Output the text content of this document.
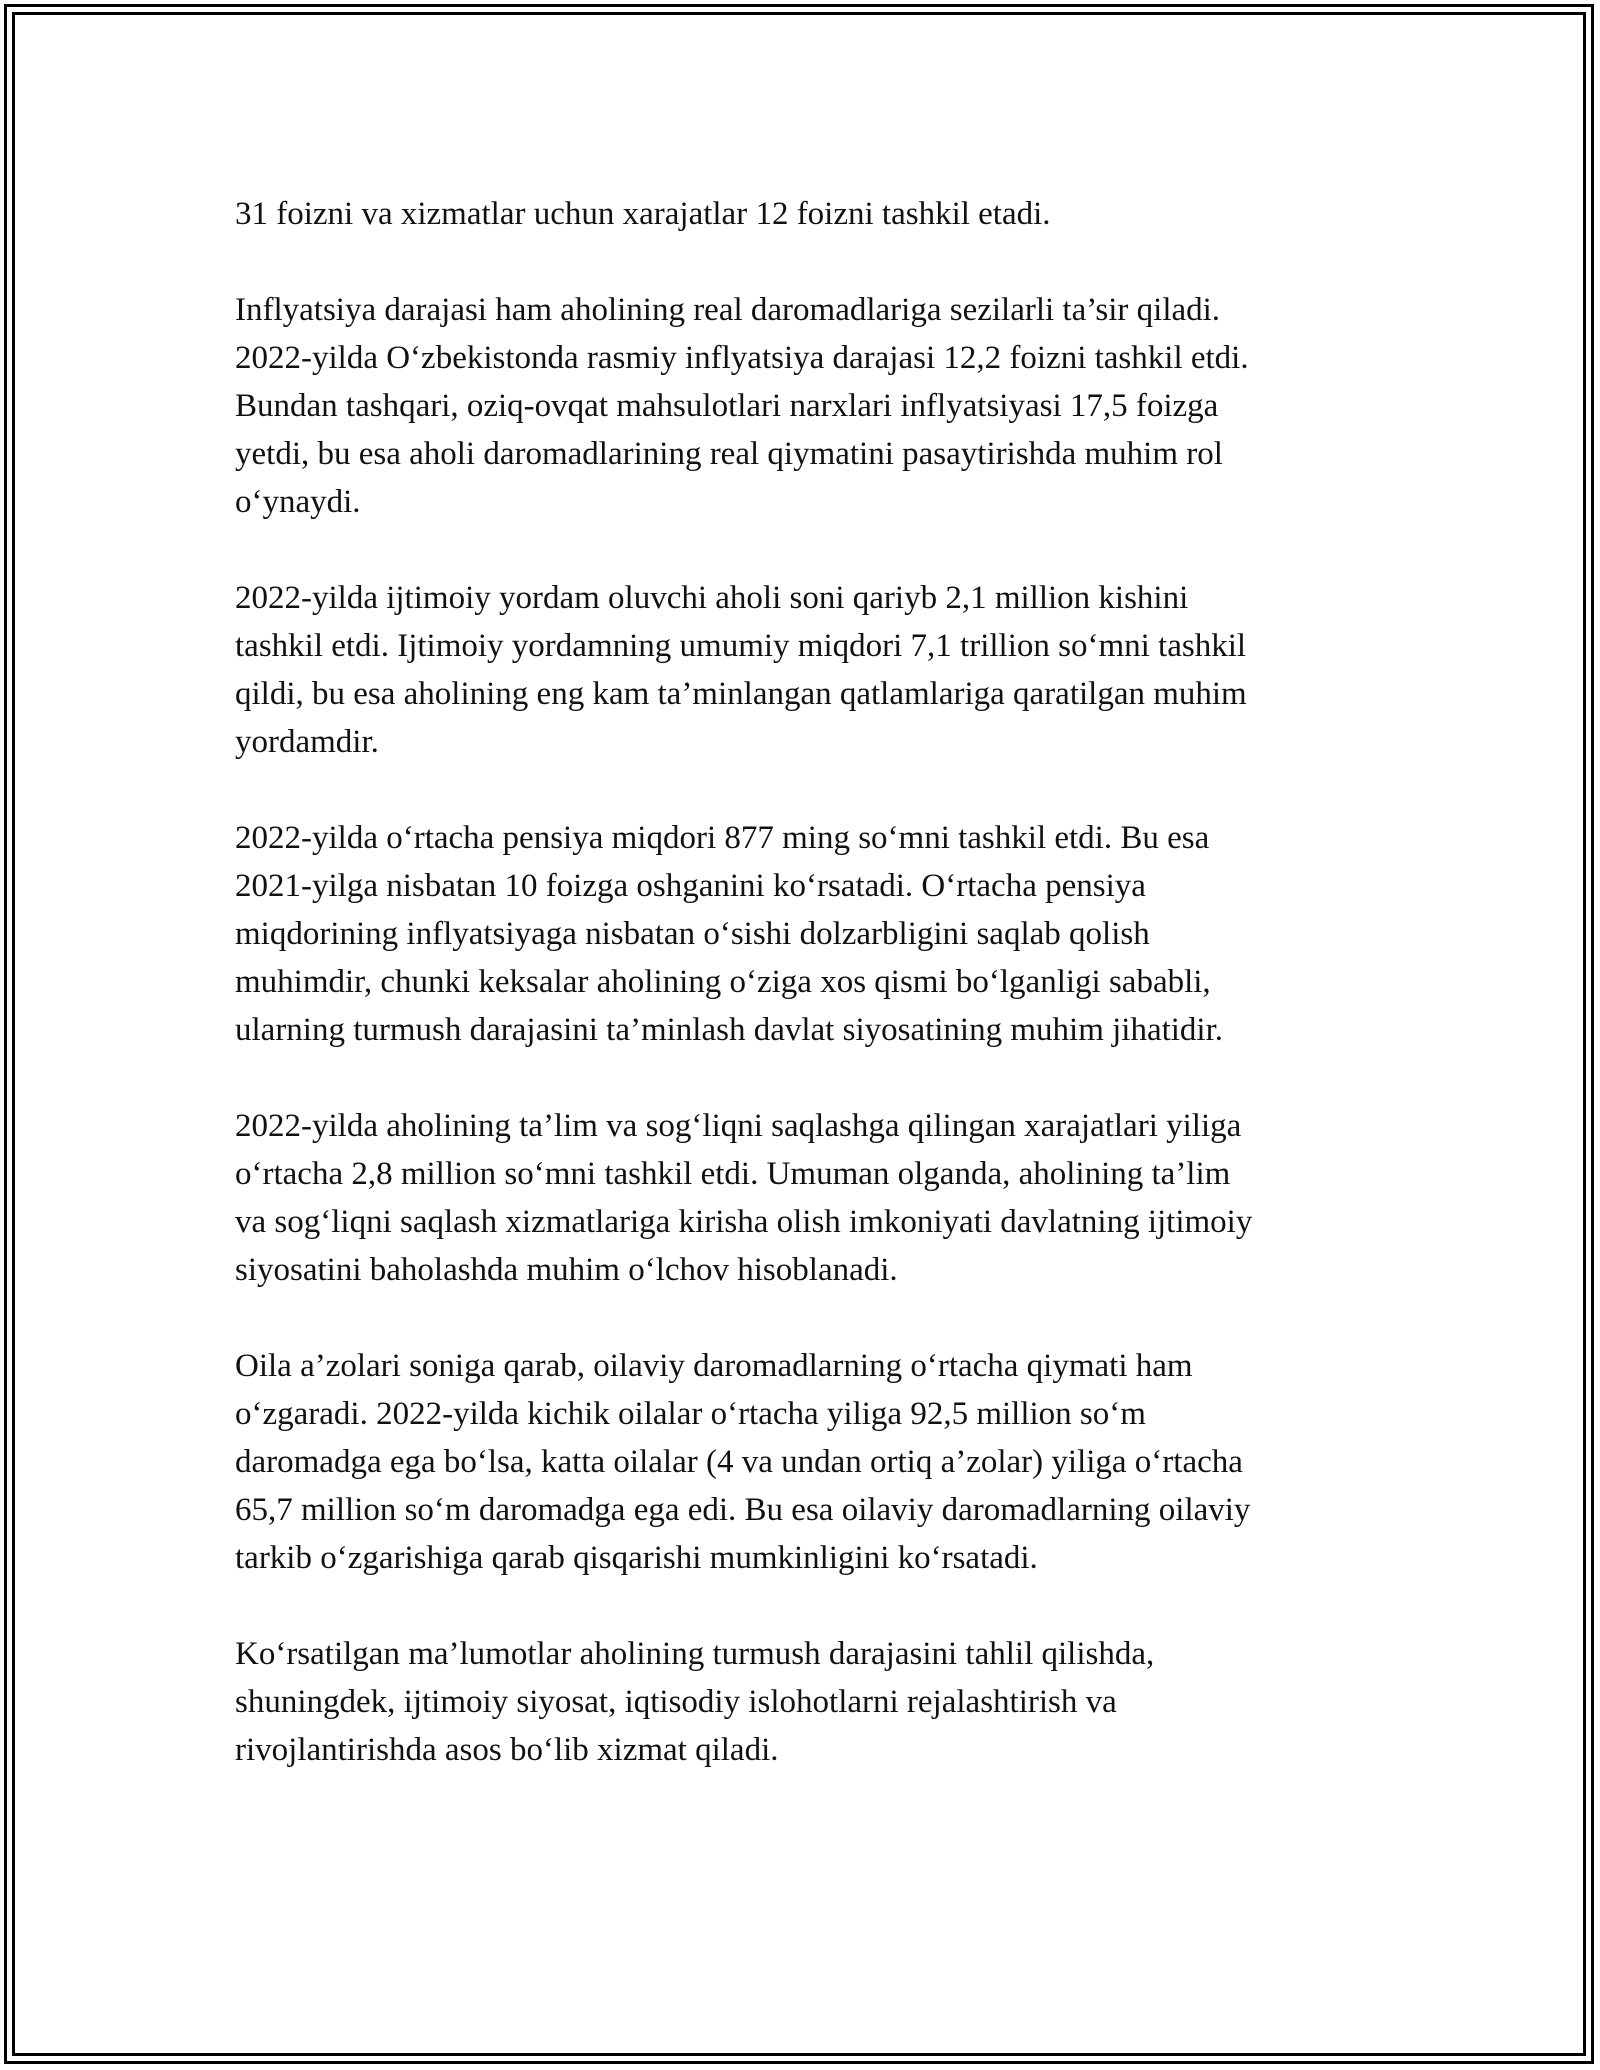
31 foizni va xizmatlar uchun xarajatlar 12 foizni tashkil etadi.

Inflyatsiya darajasi ham aholining real daromadlariga sezilarli ta’sir qiladi.
2022-yilda O‘zbekistonda rasmiy inflyatsiya darajasi 12,2 foizni tashkil etdi.
Bundan tashqari, oziq-ovqat mahsulotlari narxlari inflyatsiyasi 17,5 foizga
yetdi, bu esa aholi daromadlarining real qiymatini pasaytirishda muhim rol
o‘ynaydi.

2022-yilda ijtimoiy yordam oluvchi aholi soni qariyb 2,1 million kishini
tashkil etdi. Ijtimoiy yordamning umumiy miqdori 7,1 trillion so‘mni tashkil
qildi, bu esa aholining eng kam ta’minlangan qatlamlariga qaratilgan muhim
yordamdir.

2022-yilda o‘rtacha pensiya miqdori 877 ming so‘mni tashkil etdi. Bu esa
2021-yilga nisbatan 10 foizga oshganini ko‘rsatadi. O‘rtacha pensiya
miqdorining inflyatsiyaga nisbatan o‘sishi dolzarbligini saqlab qolish
muhimdir, chunki keksalar aholining o‘ziga xos qismi bo‘lganligi sababli,
ularning turmush darajasini ta’minlash davlat siyosatining muhim jihatidir.

2022-yilda aholining ta’lim va sog‘liqni saqlashga qilingan xarajatlari yiliga
o‘rtacha 2,8 million so‘mni tashkil etdi. Umuman olganda, aholining ta’lim
va sog‘liqni saqlash xizmatlariga kirisha olish imkoniyati davlatning ijtimoiy
siyosatini baholashda muhim o‘lchov hisoblanadi.

Oila a’zolari soniga qarab, oilaviy daromadlarning o‘rtacha qiymati ham
o‘zgaradi. 2022-yilda kichik oilalar o‘rtacha yiliga 92,5 million so‘m
daromadga ega bo‘lsa, katta oilalar (4 va undan ortiq a’zolar) yiliga o‘rtacha
65,7 million so‘m daromadga ega edi. Bu esa oilaviy daromadlarning oilaviy
tarkib o‘zgarishiga qarab qisqarishi mumkinligini ko‘rsatadi.

Ko‘rsatilgan ma’lumotlar aholining turmush darajasini tahlil qilishda,
shuningdek, ijtimoiy siyosat, iqtisodiy islohotlarni rejalashtirish va
rivojlantirishda asos bo‘lib xizmat qiladi.
